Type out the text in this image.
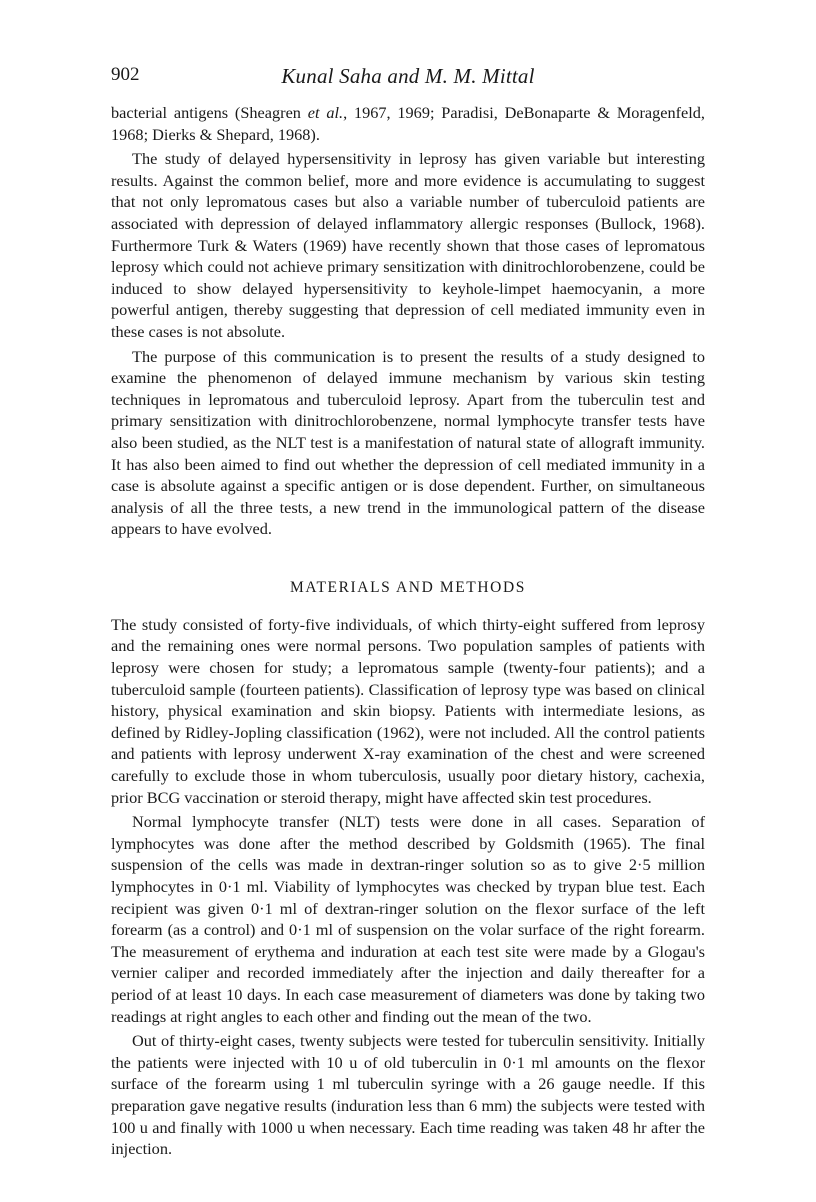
902	Kunal Saha and M. M. Mittal

bacterial antigens (Sheagren et al., 1967, 1969; Paradisi, DeBonaparte & Moragenfeld, 1968; Dierks & Shepard, 1968).

The study of delayed hypersensitivity in leprosy has given variable but interesting results. Against the common belief, more and more evidence is accumulating to suggest that not only lepromatous cases but also a variable number of tuberculoid patients are associated with depression of delayed inflammatory allergic responses (Bullock, 1968). Furthermore Turk & Waters (1969) have recently shown that those cases of lepromatous leprosy which could not achieve primary sensitization with dinitrochlorobenzene, could be induced to show delayed hypersensitivity to keyhole-limpet haemocyanin, a more powerful antigen, thereby suggesting that depression of cell mediated immunity even in these cases is not absolute.

The purpose of this communication is to present the results of a study designed to examine the phenomenon of delayed immune mechanism by various skin testing techniques in lepromatous and tuberculoid leprosy. Apart from the tuberculin test and primary sensitization with dinitrochlorobenzene, normal lymphocyte transfer tests have also been studied, as the NLT test is a manifestation of natural state of allograft immunity. It has also been aimed to find out whether the depression of cell mediated immunity in a case is absolute against a specific antigen or is dose dependent. Further, on simultaneous analysis of all the three tests, a new trend in the immunological pattern of the disease appears to have evolved.

MATERIALS AND METHODS

The study consisted of forty-five individuals, of which thirty-eight suffered from leprosy and the remaining ones were normal persons. Two population samples of patients with leprosy were chosen for study; a lepromatous sample (twenty-four patients); and a tuberculoid sample (fourteen patients). Classification of leprosy type was based on clinical history, physical examination and skin biopsy. Patients with intermediate lesions, as defined by Ridley-Jopling classification (1962), were not included. All the control patients and patients with leprosy underwent X-ray examination of the chest and were screened carefully to exclude those in whom tuberculosis, usually poor dietary history, cachexia, prior BCG vaccination or steroid therapy, might have affected skin test procedures.

Normal lymphocyte transfer (NLT) tests were done in all cases. Separation of lymphocytes was done after the method described by Goldsmith (1965). The final suspension of the cells was made in dextran-ringer solution so as to give 2·5 million lymphocytes in 0·1 ml. Viability of lymphocytes was checked by trypan blue test. Each recipient was given 0·1 ml of dextran-ringer solution on the flexor surface of the left forearm (as a control) and 0·1 ml of suspension on the volar surface of the right forearm. The measurement of erythema and induration at each test site were made by a Glogau's vernier caliper and recorded immediately after the injection and daily thereafter for a period of at least 10 days. In each case measurement of diameters was done by taking two readings at right angles to each other and finding out the mean of the two.

Out of thirty-eight cases, twenty subjects were tested for tuberculin sensitivity. Initially the patients were injected with 10 u of old tuberculin in 0·1 ml amounts on the flexor surface of the forearm using 1 ml tuberculin syringe with a 26 gauge needle. If this preparation gave negative results (induration less than 6 mm) the subjects were tested with 100 u and finally with 1000 u when necessary. Each time reading was taken 48 hr after the injection.
